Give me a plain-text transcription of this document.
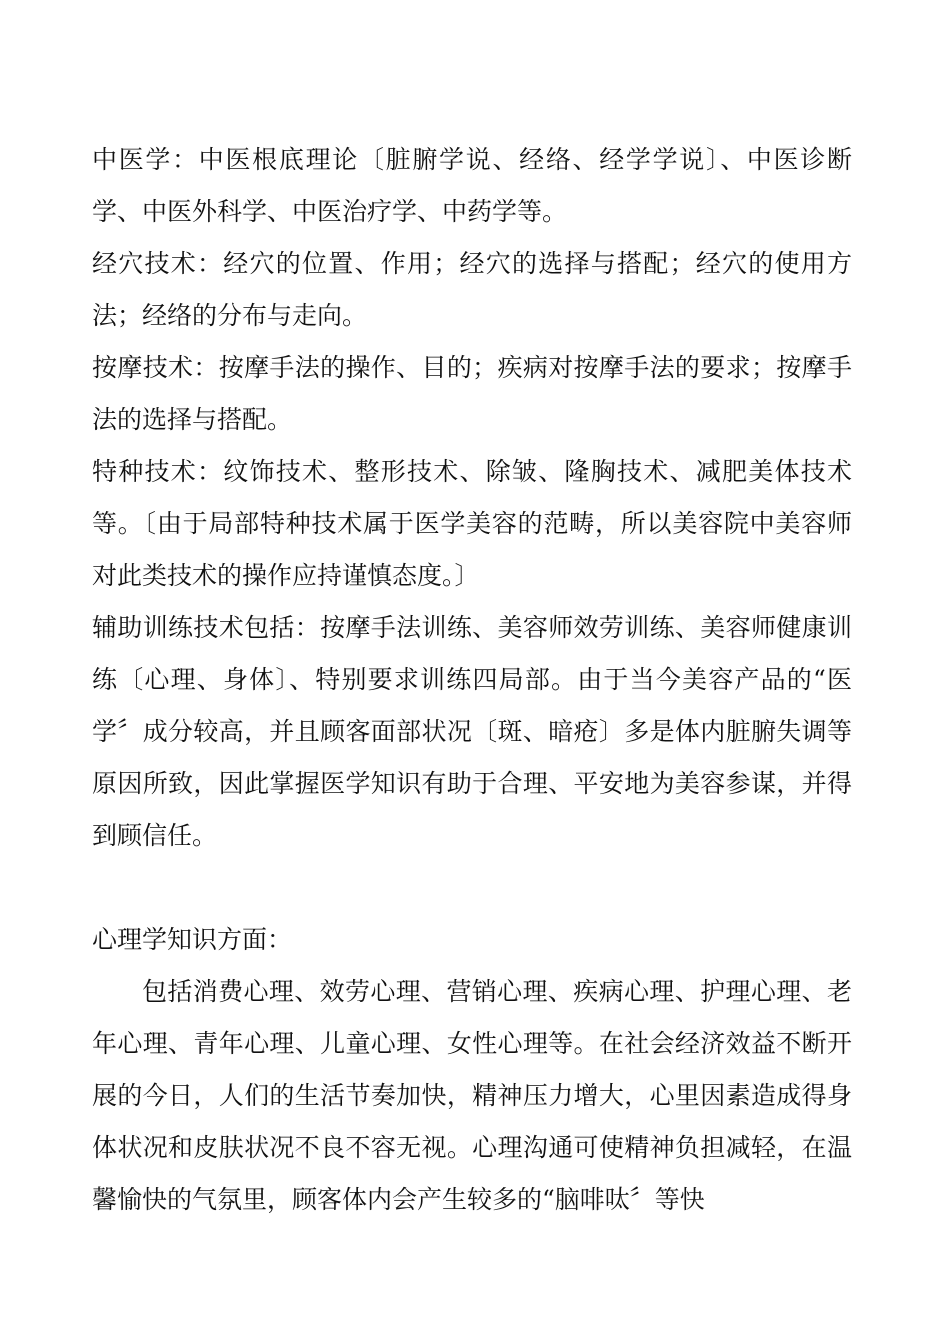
中医学：中医根底理论〔脏腑学说、经络、经学学说〕、中医诊断学、中医外科学、中医治疗学、中药学等。

经穴技术：经穴的位置、作用；经穴的选择与搭配；经穴的使用方法；经络的分布与走向。

按摩技术：按摩手法的操作、目的；疾病对按摩手法的要求；按摩手法的选择与搭配。

特种技术：纹饰技术、整形技术、除皱、隆胸技术、减肥美体技术等。〔由于局部特种技术属于医学美容的范畴，所以美容院中美容师对此类技术的操作应持谨慎态度。〕

辅助训练技术包括：按摩手法训练、美容师效劳训练、美容师健康训练〔心理、身体〕、特别要求训练四局部。由于当今美容产品的“医学〞成分较高，并且顾客面部状况〔斑、暗疮〕多是体内脏腑失调等原因所致，因此掌握医学知识有助于合理、平安地为美容参谋，并得到顾信任。

心理学知识方面：

包括消费心理、效劳心理、营销心理、疾病心理、护理心理、老年心理、青年心理、儿童心理、女性心理等。在社会经济效益不断开展的今日，人们的生活节奏加快，精神压力增大，心里因素造成得身体状况和皮肤状况不良不容无视。心理沟通可使精神负担减轻，在温馨愉快的气氛里，顾客体内会产生较多的“脑啡呔〞等快
